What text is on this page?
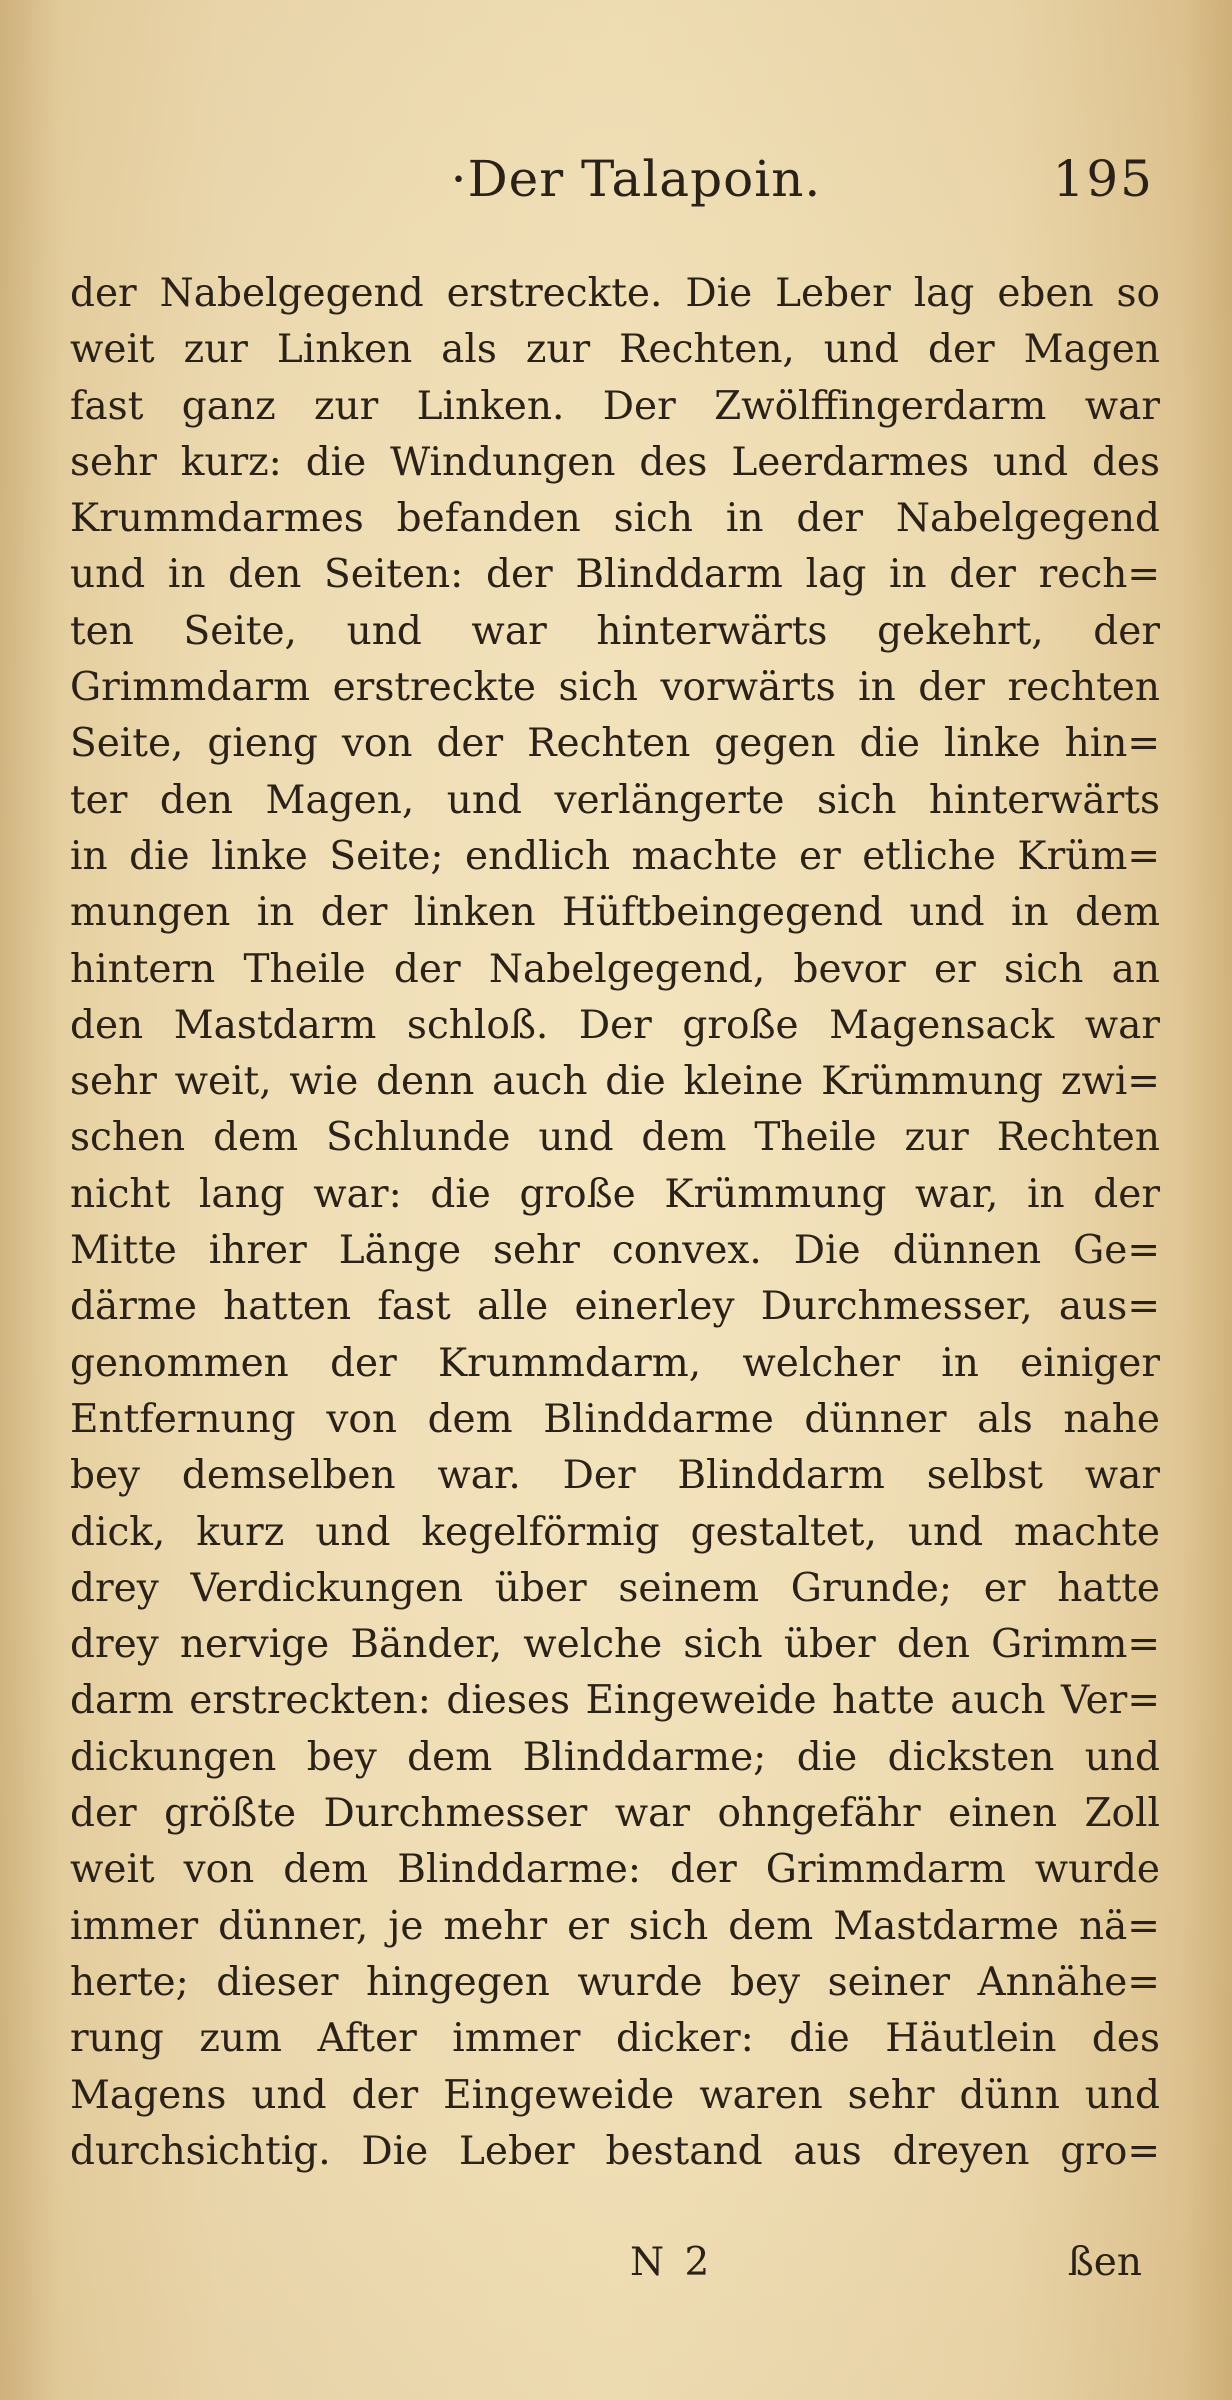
·Der Talapoin.	195
der Nabelgegend erstreckte. Die Leber lag eben so
weit zur Linken als zur Rechten, und der Magen
fast ganz zur Linken. Der Zwölffingerdarm war
sehr kurz: die Windungen des Leerdarmes und des
Krummdarmes befanden sich in der Nabelgegend
und in den Seiten: der Blinddarm lag in der rech=
ten Seite, und war hinterwärts gekehrt, der
Grimmdarm erstreckte sich vorwärts in der rechten
Seite, gieng von der Rechten gegen die linke hin=
ter den Magen, und verlängerte sich hinterwärts
in die linke Seite; endlich machte er etliche Krüm=
mungen in der linken Hüftbeingegend und in dem
hintern Theile der Nabelgegend, bevor er sich an
den Mastdarm schloß. Der große Magensack war
sehr weit, wie denn auch die kleine Krümmung zwi=
schen dem Schlunde und dem Theile zur Rechten
nicht lang war: die große Krümmung war, in der
Mitte ihrer Länge sehr convex. Die dünnen Ge=
därme hatten fast alle einerley Durchmesser, aus=
genommen der Krummdarm, welcher in einiger
Entfernung von dem Blinddarme dünner als nahe
bey demselben war. Der Blinddarm selbst war
dick, kurz und kegelförmig gestaltet, und machte
drey Verdickungen über seinem Grunde; er hatte
drey nervige Bänder, welche sich über den Grimm=
darm erstreckten: dieses Eingeweide hatte auch Ver=
dickungen bey dem Blinddarme; die dicksten und
der größte Durchmesser war ohngefähr einen Zoll
weit von dem Blinddarme: der Grimmdarm wurde
immer dünner, je mehr er sich dem Mastdarme nä=
herte; dieser hingegen wurde bey seiner Annähe=
rung zum After immer dicker: die Häutlein des
Magens und der Eingeweide waren sehr dünn und
durchsichtig. Die Leber bestand aus dreyen gro=
N 2	ßen
